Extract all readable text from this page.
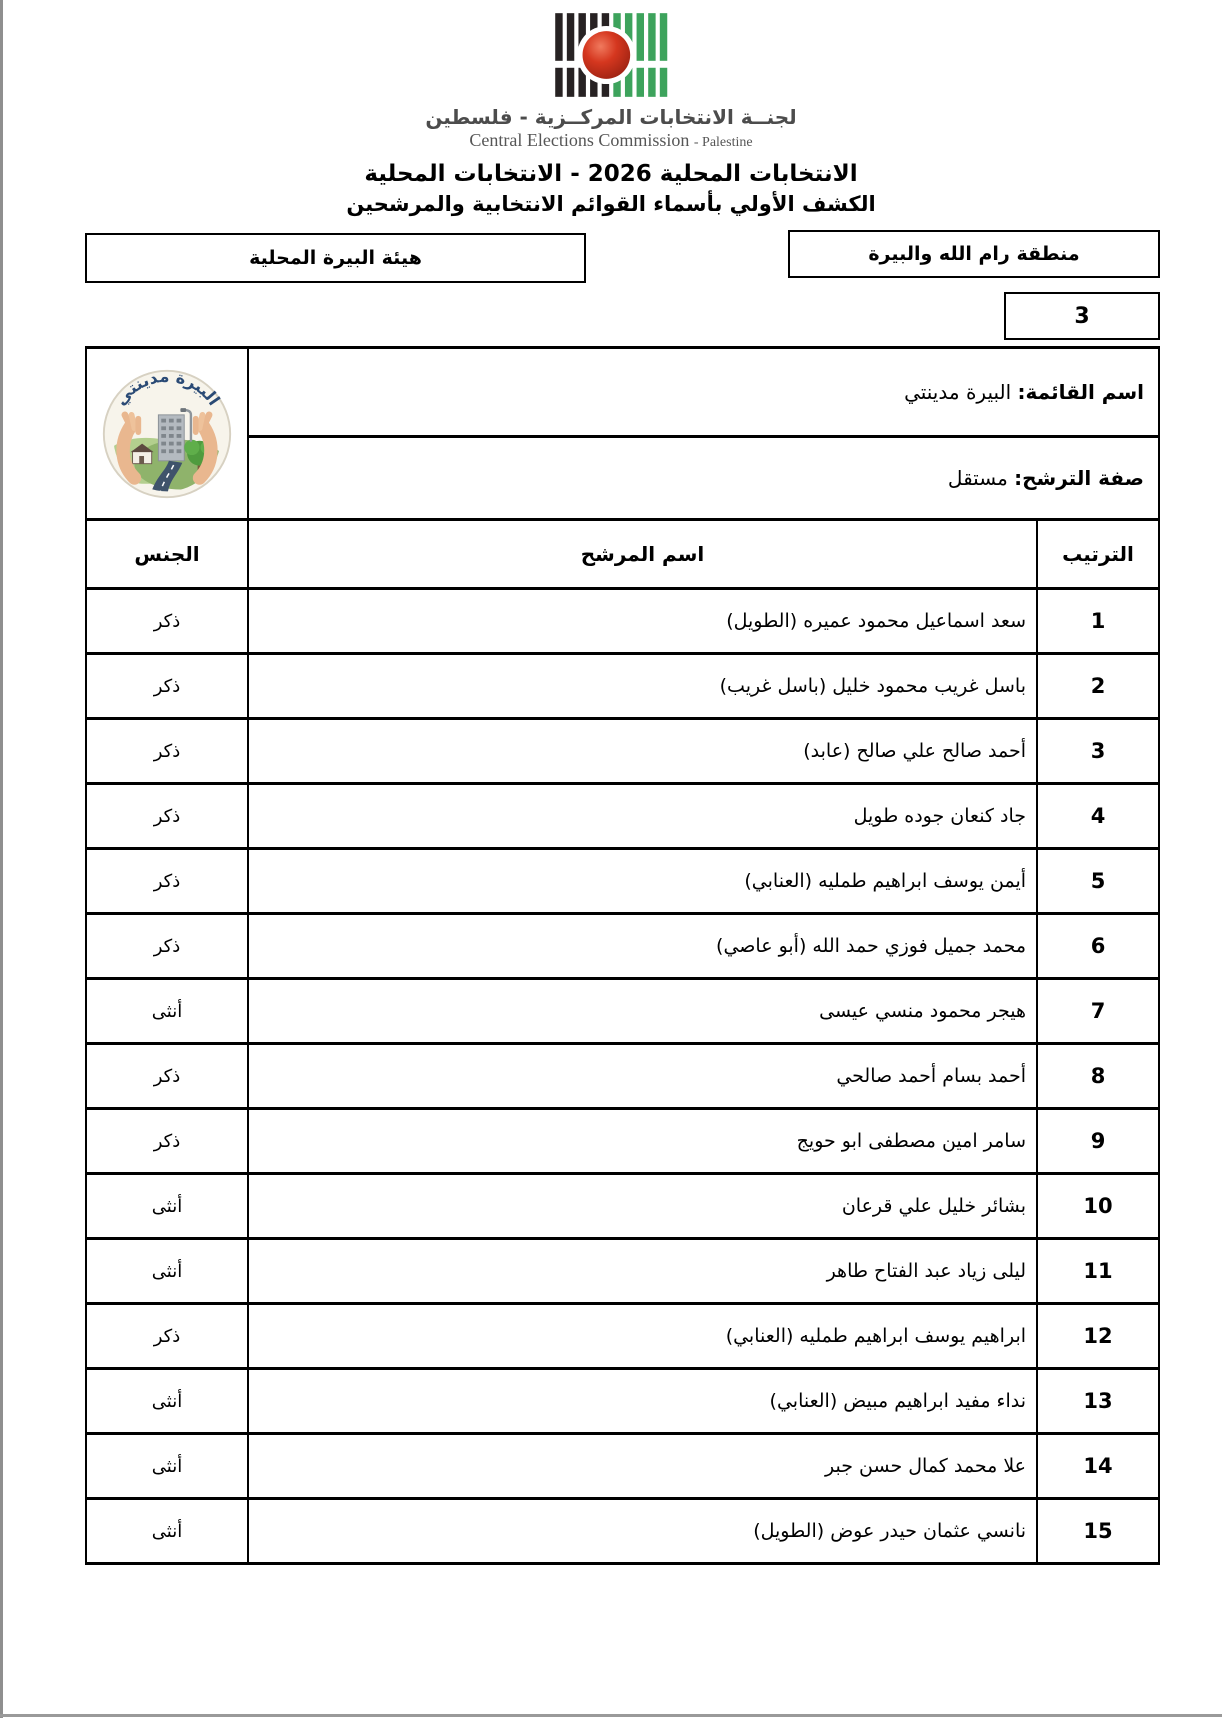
لجنــة الانتخابات المركــزية - فلسطين
Central Elections Commission - Palestine
الانتخابات المحلية 2026 - الانتخابات المحلية
الكشف الأولي بأسماء القوائم الانتخابية والمرشحين
منطقة رام الله والبيرة
هيئة البيرة المحلية
3
اسم القائمة: البيرة مدينتي		البيرة مدينتي

صفة الترشح: مستقل		
الترتيب	اسم المرشح	الجنس
1	سعد اسماعيل محمود عميره (الطويل)	ذكر
2	باسل غريب محمود خليل (باسل غريب)	ذكر
3	أحمد صالح علي صالح (عابد)	ذكر
4	جاد كنعان جوده طويل	ذكر
5	أيمن يوسف ابراهيم طمليه (العنابي)	ذكر
6	محمد جميل فوزي حمد الله (أبو عاصي)	ذكر
7	هيجر محمود منسي عيسى	أنثى
8	أحمد بسام أحمد صالحي	ذكر
9	سامر امين مصطفى ابو حويج	ذكر
10	بشائر خليل علي قرعان	أنثى
11	ليلى زياد عبد الفتاح طاهر	أنثى
12	ابراهيم يوسف ابراهيم طمليه (العنابي)	ذكر
13	نداء مفيد ابراهيم مبيض (العنابي)	أنثى
14	علا محمد كمال حسن جبر	أنثى
15	نانسي عثمان حيدر عوض (الطويل)	أنثى
